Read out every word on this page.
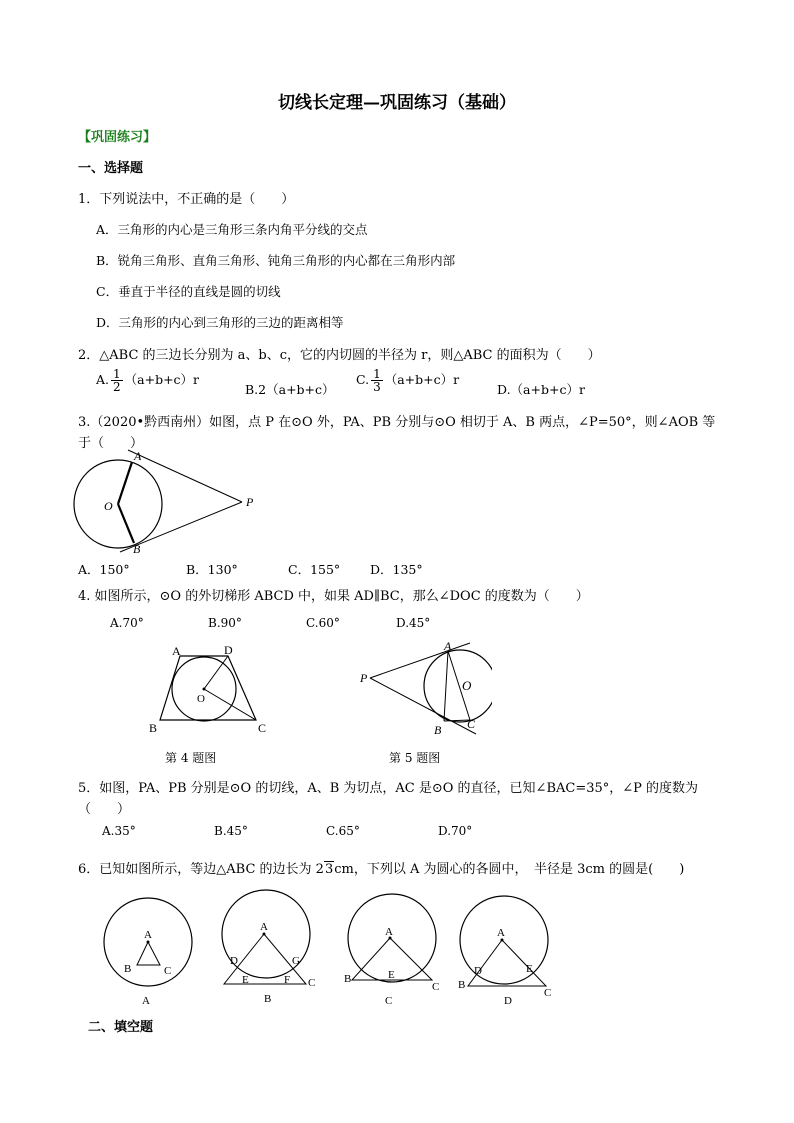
切线长定理—巩固练习（基础）
【巩固练习】
一、选择题
1．下列说法中，不正确的是（　　）
A．三角形的内心是三角形三条内角平分线的交点
B．锐角三角形、直角三角形、钝角三角形的内心都在三角形内部
C．垂直于半径的直线是圆的切线
D．三角形的内心到三角形的三边的距离相等
2．△ABC 的三边长分别为 a、b、c，它的内切圆的半径为 r，则△ABC 的面积为（　　）
A. $\frac{1}{2} (a+b+c)r$
B.2（a+b+c）
C. $\frac{1}{3} (a+b+c)r$
D.（a+b+c）r
3.（2020•黔西南州）如图，点 P 在⊙O 外，PA、PB 分别与⊙O 相切于 A、B 两点，∠P=50°，则∠AOB 等
于（　　）
A
B
O	P
A．150°	B．130°	C．155° D．135°
4. 如图所示，⊙O 的外切梯形 ABCD 中，如果 AD∥BC，那么∠DOC 的度数为（　　）
A.70°	B.90°	C.60°	D.45°
A	D
B	C
O
第 4 题图
P
A
O
B C
第 5 题图
5．如图，PA、PB 分别是⊙O 的切线，A、B 为切点，AC 是⊙O 的直径，已知∠BAC=35°，∠P 的度数为
（　　）
A.35°	B.45°	C.65°	D.70°
6．已知如图所示，等边△ABC 的边长为 23cm，下列以 A 为圆心的各圆中，　半径是 3cm 的圆是(　　)
A
B	C
A
A
D	G
E	F C
B
A
B	E
C
C
A
D	E
B
C
D
二、填空题
